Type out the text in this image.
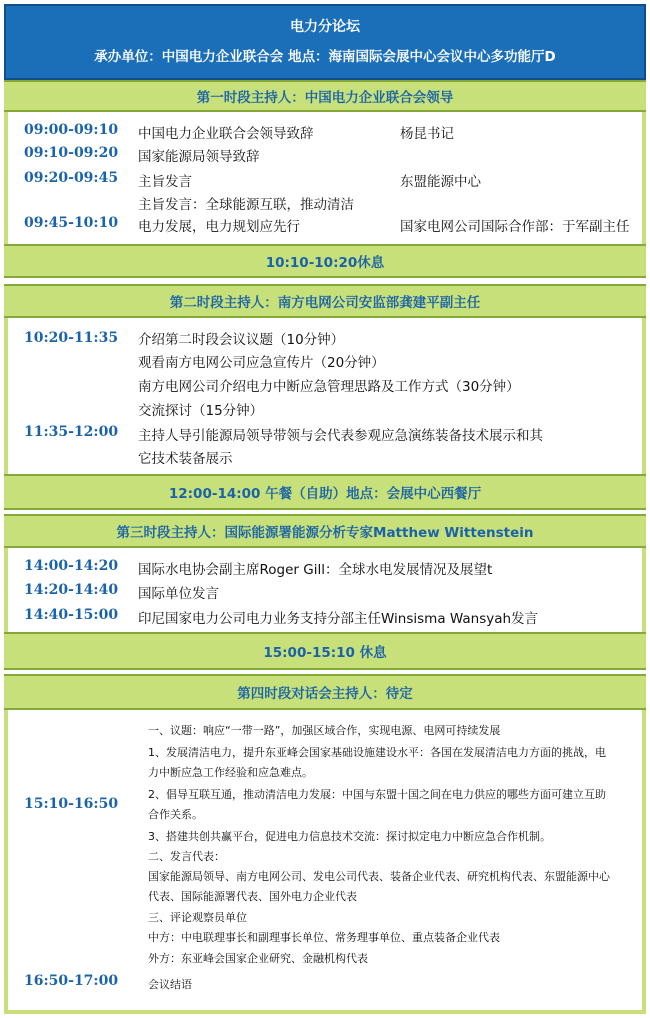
电力分论坛
承办单位：中国电力企业联合会 地点：海南国际会展中心会议中心多功能厅D
第一时段主持人：中国电力企业联合会领导
09:00-09:10
09:10-09:20
09:20-09:45
09:45-10:10
中国电力企业联合会领导致辞
国家能源局领导致辞
主旨发言
主旨发言：全球能源互联，推动清洁
电力发展，电力规划应先行
杨昆书记
东盟能源中心
国家电网公司国际合作部：于军副主任
10:10-10:20休息
第二时段主持人：南方电网公司安监部龚建平副主任
10:20-11:35
11:35-12:00
介绍第二时段会议议题（10分钟）
观看南方电网公司应急宣传片（20分钟）
南方电网公司介绍电力中断应急管理思路及工作方式（30分钟）
交流探讨（15分钟）
主持人导引能源局领导带领与会代表参观应急演练装备技术展示和其
它技术装备展示
12:00-14:00 午餐（自助）地点：会展中心西餐厅
第三时段主持人：国际能源署能源分析专家Matthew Wittenstein
14:00-14:20
14:20-14:40
14:40-15:00
国际水电协会副主席Roger Gill：全球水电发展情况及展望t
国际单位发言
印尼国家电力公司电力业务支持分部主任Winsisma Wansyah发言
15:00-15:10 休息
第四时段对话会主持人：待定
15:10-16:50
16:50-17:00
一、议题：响应“一带一路”，加强区域合作，实现电源、电网可持续发展
1、发展清洁电力，提升东亚峰会国家基础设施建设水平：各国在发展清洁电力方面的挑战，电
力中断应急工作经验和应急难点。
2、倡导互联互通，推动清洁电力发展：中国与东盟十国之间在电力供应的哪些方面可建立互助
合作关系。
3、搭建共创共赢平台，促进电力信息技术交流：探讨拟定电力中断应急合作机制。
二、发言代表：
国家能源局领导、南方电网公司、发电公司代表、装备企业代表、研究机构代表、东盟能源中心
代表、国际能源署代表、国外电力企业代表
三、评论观察员单位
中方：中电联理事长和副理事长单位、常务理事单位、重点装备企业代表
外方：东亚峰会国家企业研究、金融机构代表
会议结语
